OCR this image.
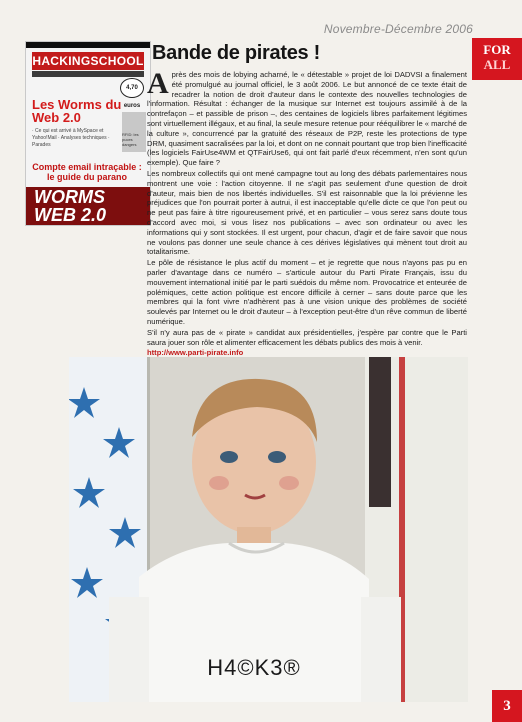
Novembre-Décembre 2006
FOR
ALL
HACKINGSCHOOL
4,70 euros
Les Worms du Web 2.0
· Ce qui est arrivé à MySpace et Yahoo!Mail · Analyses techniques · Parades
RFID: les puces dangers
Compte email intraçable : le guide du parano
WORMS
WEB 2.0
Bande de pirates !

Après des mois de lobying acharné, le « détestable » projet de loi DADVSI a finalement été promulgué au journal officiel, le 3 août 2006. Le but annoncé de ce texte était de recadrer la notion de droit d'auteur dans le contexte des nouvelles technologies de l'information. Résultat : échanger de la musique sur Internet est toujours assimilé à de la contrefaçon – et passible de prison –, des centaines de logiciels libres parfaitement légitimes sont virtuellement illégaux, et au final, la seule mesure retenue pour rééquilibrer le « marché de la culture », concurrencé par la gratuité des réseaux de P2P, reste les protections de type DRM, quasiment sacralisées par la loi, et dont on ne connait pourtant que trop bien l'inefficacité (les logiciels FairUse4WM et QTFairUse6, qui ont fait parlé d'eux récemment, n'en sont qu'un exemple). Que faire ?

Les nombreux collectifs qui ont mené campagne tout au long des débats parlementaires nous montrent une voie : l'action citoyenne. Il ne s'agit pas seulement d'une question de droit d'auteur, mais bien de nos libertés individuelles. S'il est raisonnable que la loi prévienne les préjudices que l'on pourrait porter à autrui, il est inacceptable qu'elle dicte ce que l'on peut ou ne peut pas faire à titre rigoureusement privé, et en particulier – vous serez sans doute tous d'accord avec moi, si vous lisez nos publications – avec son ordinateur ou avec les informations qui y sont stockées. Il est urgent, pour chacun, d'agir et de faire savoir que nous ne voulons pas donner une seule chance à ces dérives législatives qui mènent tout droit au totalitarisme.

Le pôle de résistance le plus actif du moment – et je regrette que nous n'ayons pas pu en parler d'avantage dans ce numéro – s'articule autour du Parti Pirate Français, issu du mouvement international initié par le parti suédois du même nom. Provocatrice et enteurée de polémiques, cette action politique est encore difficile à cerner – sans doute parce que les membres qui la font vivre n'adhèrent pas à une vision unique des problèmes de société soulevés par Internet ou le droit d'auteur – à l'exception peut-être d'un rêve commun de liberté numérique.

S'il n'y aura pas de « pirate » candidat aux présidentielles, j'espère par contre que le Parti saura jouer son rôle et alimenter efficacement les débats publics des mois à venir.

http://www.parti-pirate.info

H4©K3®
3
